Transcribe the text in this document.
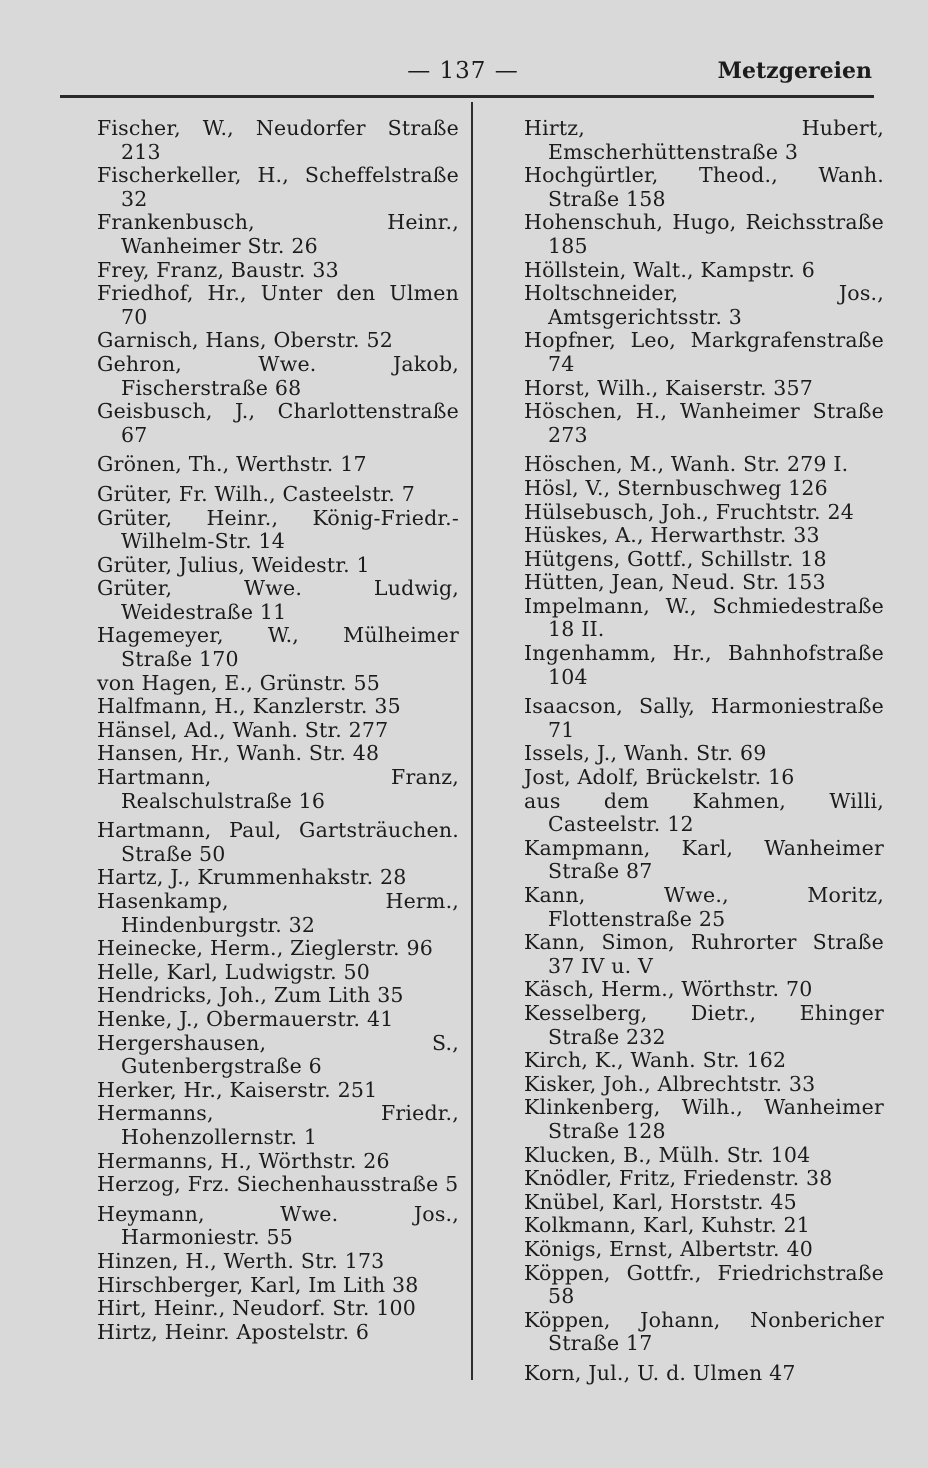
— 137 —	Metzgereien
Fischer, W., Neudorfer Straße 213
Fischerkeller, H., Scheffelstraße 32
Frankenbusch, Heinr., Wanheimer Str. 26
Frey, Franz, Baustr. 33
Friedhof, Hr., Unter den Ulmen 70
Garnisch, Hans, Oberstr. 52
Gehron, Wwe. Jakob, Fischerstraße 68
Geisbusch, J., Charlottenstraße 67
Grönen, Th., Werthstr. 17
Grüter, Fr. Wilh., Casteelstr. 7
Grüter, Heinr., König-Friedr.-Wilhelm-Str. 14
Grüter, Julius, Weidestr. 1
Grüter, Wwe. Ludwig, Weidestraße 11
Hagemeyer, W., Mülheimer Straße 170
von Hagen, E., Grünstr. 55
Halfmann, H., Kanzlerstr. 35
Hänsel, Ad., Wanh. Str. 277
Hansen, Hr., Wanh. Str. 48
Hartmann, Franz, Realschulstraße 16
Hartmann, Paul, Gartsträuchen. Straße 50
Hartz, J., Krummenhakstr. 28
Hasenkamp, Herm., Hindenburgstr. 32
Heinecke, Herm., Zieglerstr. 96
Helle, Karl, Ludwigstr. 50
Hendricks, Joh., Zum Lith 35
Henke, J., Obermauerstr. 41
Hergershausen, S., Gutenbergstraße 6
Herker, Hr., Kaiserstr. 251
Hermanns, Friedr., Hohenzollernstr. 1
Hermanns, H., Wörthstr. 26
Herzog, Frz. Siechenhausstraße 5
Heymann, Wwe. Jos., Harmoniestr. 55
Hinzen, H., Werth. Str. 173
Hirschberger, Karl, Im Lith 38
Hirt, Heinr., Neudorf. Str. 100
Hirtz, Heinr. Apostelstr. 6
Hirtz, Hubert, Emscherhüttenstraße 3
Hochgürtler, Theod., Wanh. Straße 158
Hohenschuh, Hugo, Reichsstraße 185
Höllstein, Walt., Kampstr. 6
Holtschneider, Jos., Amtsgerichtsstr. 3
Hopfner, Leo, Markgrafenstraße 74
Horst, Wilh., Kaiserstr. 357
Höschen, H., Wanheimer Straße 273
Höschen, M., Wanh. Str. 279 I.
Hösl, V., Sternbuschweg 126
Hülsebusch, Joh., Fruchtstr. 24
Hüskes, A., Herwarthstr. 33
Hütgens, Gottf., Schillstr. 18
Hütten, Jean, Neud. Str. 153
Impelmann, W., Schmiedestraße 18 II.
Ingenhamm, Hr., Bahnhofstraße 104
Isaacson, Sally, Harmoniestraße 71
Issels, J., Wanh. Str. 69
Jost, Adolf, Brückelstr. 16
aus dem Kahmen, Willi, Casteelstr. 12
Kampmann, Karl, Wanheimer Straße 87
Kann, Wwe., Moritz, Flottenstraße 25
Kann, Simon, Ruhrorter Straße 37 IV u. V
Käsch, Herm., Wörthstr. 70
Kesselberg, Dietr., Ehinger Straße 232
Kirch, K., Wanh. Str. 162
Kisker, Joh., Albrechtstr. 33
Klinkenberg, Wilh., Wanheimer Straße 128
Klucken, B., Mülh. Str. 104
Knödler, Fritz, Friedenstr. 38
Knübel, Karl, Horststr. 45
Kolkmann, Karl, Kuhstr. 21
Königs, Ernst, Albertstr. 40
Köppen, Gottfr., Friedrichstraße 58
Köppen, Johann, Nonbericher Straße 17
Korn, Jul., U. d. Ulmen 47
